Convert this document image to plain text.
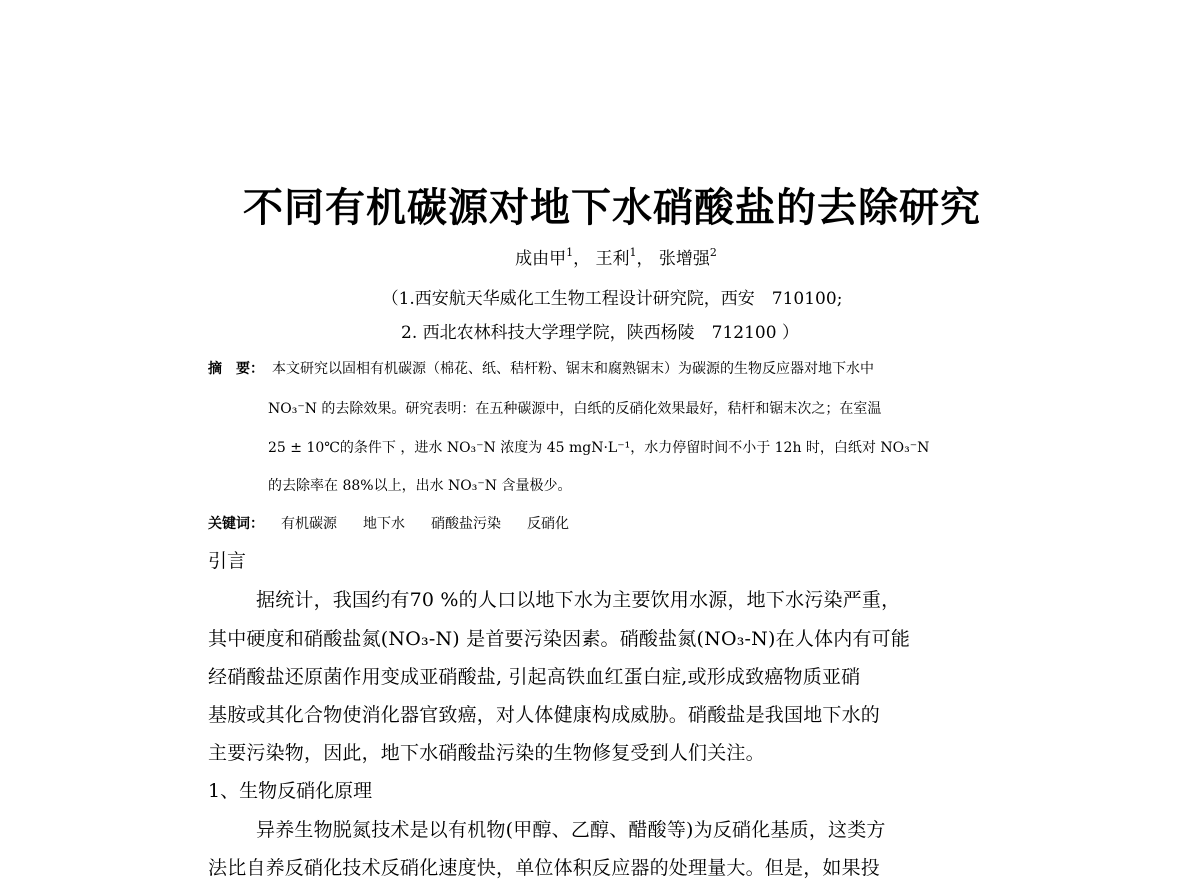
不同有机碳源对地下水硝酸盐的去除研究
成由甲$^1$， 王利$^1$， 张增强$^2$

（1.西安航天华威化工生物工程设计研究院，西安　710100;

2. 西北农林科技大学理学院，陕西杨陵　712100 ）

摘　要： 本文研究以固相有机碳源（棉花、纸、秸杆粉、锯末和腐熟锯末）为碳源的生物反应器对地下水中

NO₃⁻N 的去除效果。研究表明：在五种碳源中，白纸的反硝化效果最好，秸杆和锯末次之；在室温

25 ± 10℃的条件下 ，进水 NO₃⁻N 浓度为 45 mgN·L⁻¹，水力停留时间不小于 12h 时，白纸对 NO₃⁻N

的去除率在 88%以上，出水 NO₃⁻N 含量极少。

关键词： 有机碳源 地下水 硝酸盐污染 反硝化
引言

据统计，我国约有70 %的人口以地下水为主要饮用水源，地下水污染严重，

其中硬度和硝酸盐氮(NO₃-N) 是首要污染因素。硝酸盐氮(NO₃-N)在人体内有可能

经硝酸盐还原菌作用变成亚硝酸盐, 引起高铁血红蛋白症,或形成致癌物质亚硝

基胺或其化合物使消化器官致癌，对人体健康构成威胁。硝酸盐是我国地下水的

主要污染物，因此，地下水硝酸盐污染的生物修复受到人们关注。

1、生物反硝化原理

异养生物脱氮技术是以有机物(甲醇、乙醇、醋酸等)为反硝化基质，这类方

法比自养反硝化技术反硝化速度快，单位体积反应器的处理量大。但是，如果投
